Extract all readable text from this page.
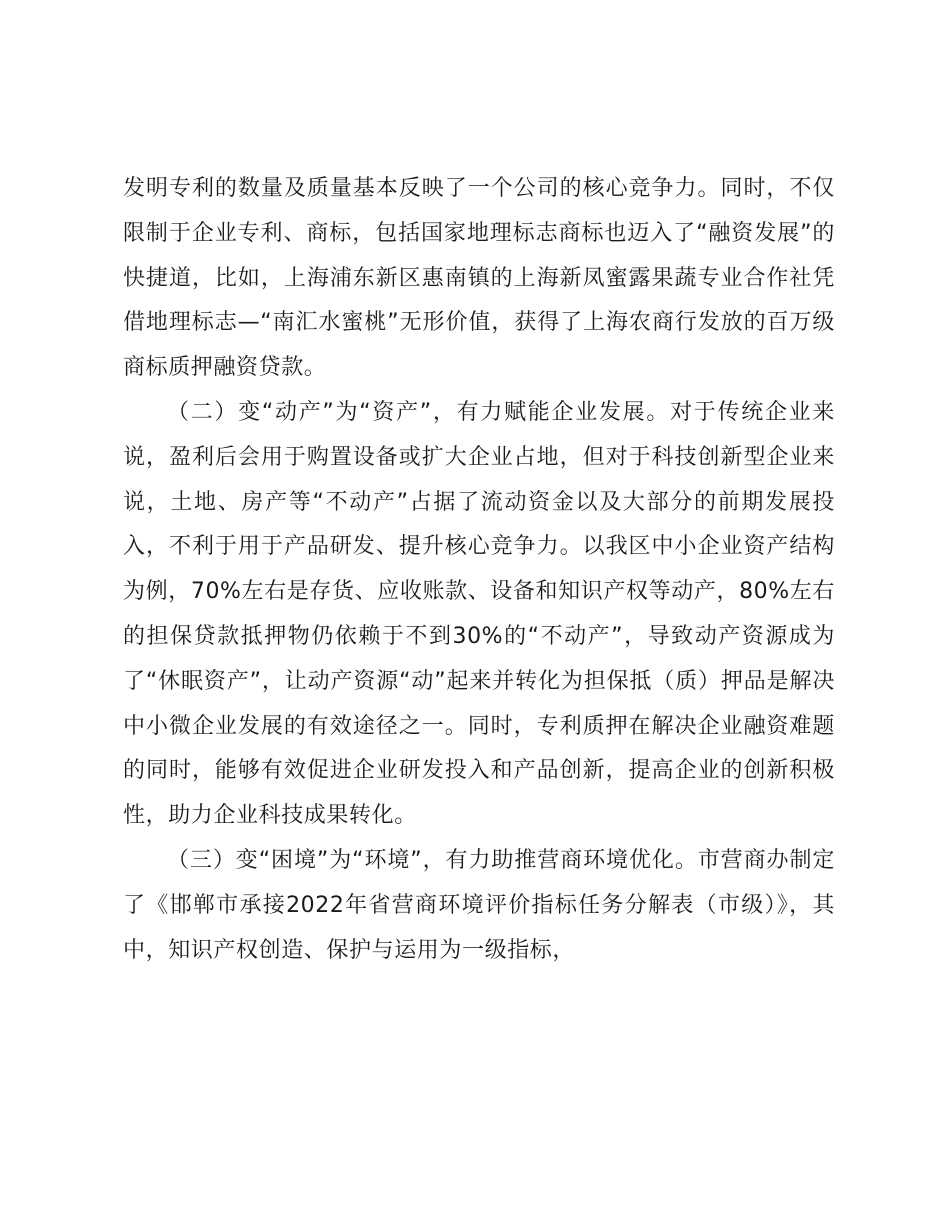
发明专利的数量及质量基本反映了一个公司的核心竞争力。同时，不仅限制于企业专利、商标，包括国家地理标志商标也迈入了“融资发展”的快捷道，比如，上海浦东新区惠南镇的上海新凤蜜露果蔬专业合作社凭借地理标志—“南汇水蜜桃”无形价值，获得了上海农商行发放的百万级商标质押融资贷款。

（二）变“动产”为“资产”，有力赋能企业发展。对于传统企业来说，盈利后会用于购置设备或扩大企业占地，但对于科技创新型企业来说，土地、房产等“不动产”占据了流动资金以及大部分的前期发展投入，不利于用于产品研发、提升核心竞争力。以我区中小企业资产结构为例，70%左右是存货、应收账款、设备和知识产权等动产，80%左右的担保贷款抵押物仍依赖于不到30%的“不动产”，导致动产资源成为了“休眠资产”，让动产资源“动”起来并转化为担保抵（质）押品是解决中小微企业发展的有效途径之一。同时，专利质押在解决企业融资难题的同时，能够有效促进企业研发投入和产品创新，提高企业的创新积极性，助力企业科技成果转化。

（三）变“困境”为“环境”，有力助推营商环境优化。市营商办制定了《邯郸市承接2022年省营商环境评价指标任务分解表（市级）》，其中，知识产权创造、保护与运用为一级指标，
